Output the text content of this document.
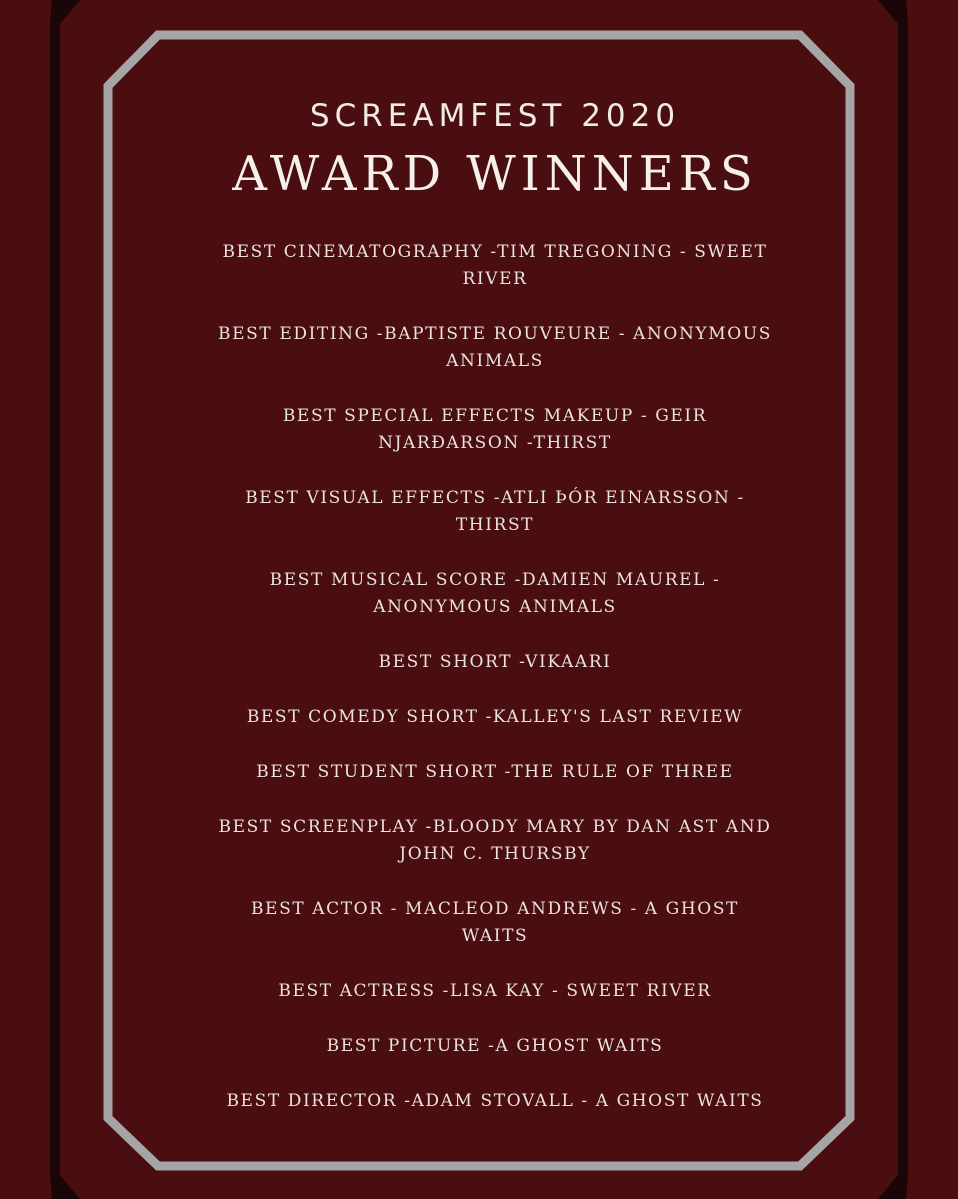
SCREAMFEST 2020
AWARD WINNERS
BEST CINEMATOGRAPHY -TIM TREGONING - SWEET RIVER
BEST EDITING -BAPTISTE ROUVEURE - ANONYMOUS ANIMALS
BEST SPECIAL EFFECTS MAKEUP - GEIR NJARÐARSON -THIRST
BEST VISUAL EFFECTS -ATLI ÞÓR EINARSSON -THIRST
BEST MUSICAL SCORE -DAMIEN MAUREL - ANONYMOUS ANIMALS
BEST SHORT -VIKAARI
BEST COMEDY SHORT -KALLEY'S LAST REVIEW
BEST STUDENT SHORT -THE RULE OF THREE
BEST SCREENPLAY -BLOODY MARY BY DAN AST AND JOHN C. THURSBY
BEST ACTOR - MACLEOD ANDREWS - A GHOST WAITS
BEST ACTRESS -LISA KAY - SWEET RIVER
BEST PICTURE -A GHOST WAITS
BEST DIRECTOR -ADAM STOVALL - A GHOST WAITS
